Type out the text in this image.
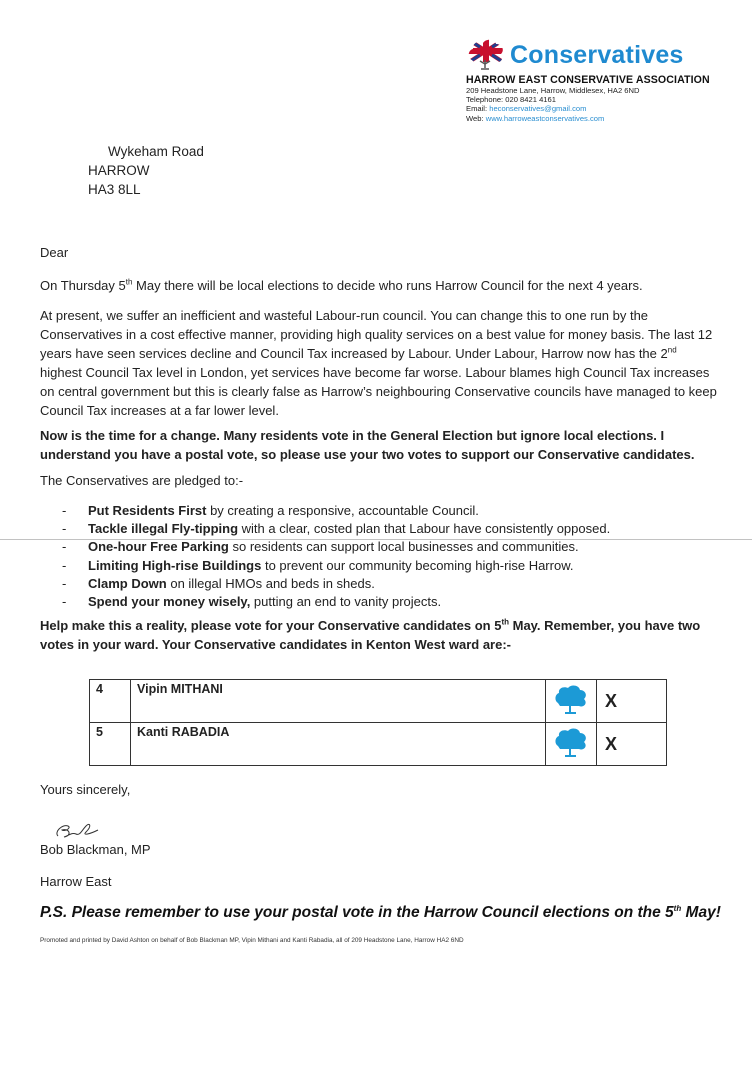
Conservatives
HARROW EAST CONSERVATIVE ASSOCIATION
209 Headstone Lane, Harrow, Middlesex, HA2 6ND
Telephone: 020 8421 4161
Email: heconservatives@gmail.com
Web: www.harroweastconservatives.com
Wykeham Road
HARROW
HA3 8LL
Dear
On Thursday 5th May there will be local elections to decide who runs Harrow Council for the next 4 years.
At present, we suffer an inefficient and wasteful Labour-run council. You can change this to one run by the Conservatives in a cost effective manner, providing high quality services on a best value for money basis. The last 12 years have seen services decline and Council Tax increased by Labour. Under Labour, Harrow now has the 2nd highest Council Tax level in London, yet services have become far worse. Labour blames high Council Tax increases on central government but this is clearly false as Harrow’s neighbouring Conservative councils have managed to keep Council Tax increases at a far lower level.
Now is the time for a change. Many residents vote in the General Election but ignore local elections. I understand you have a postal vote, so please use your two votes to support our Conservative candidates.
The Conservatives are pledged to:-
- Put Residents First by creating a responsive, accountable Council.
- Tackle illegal Fly-tipping with a clear, costed plan that Labour have consistently opposed.
- One-hour Free Parking so residents can support local businesses and communities.
- Limiting High-rise Buildings to prevent our community becoming high-rise Harrow.
- Clamp Down on illegal HMOs and beds in sheds.
- Spend your money wisely, putting an end to vanity projects.
Help make this a reality, please vote for your Conservative candidates on 5th May. Remember, you have two votes in your ward. Your Conservative candidates in Kenton West ward are:-
4	Vipin MITHANI		X
5	Kanti RABADIA		X
Yours sincerely,
Bob Blackman, MP
Harrow East
P.S. Please remember to use your postal vote in the Harrow Council elections on the 5th May!
Promoted and printed by David Ashton on behalf of Bob Blackman MP, Vipin Mithani and Kanti Rabadia, all of 209 Headstone Lane, Harrow HA2 6ND
